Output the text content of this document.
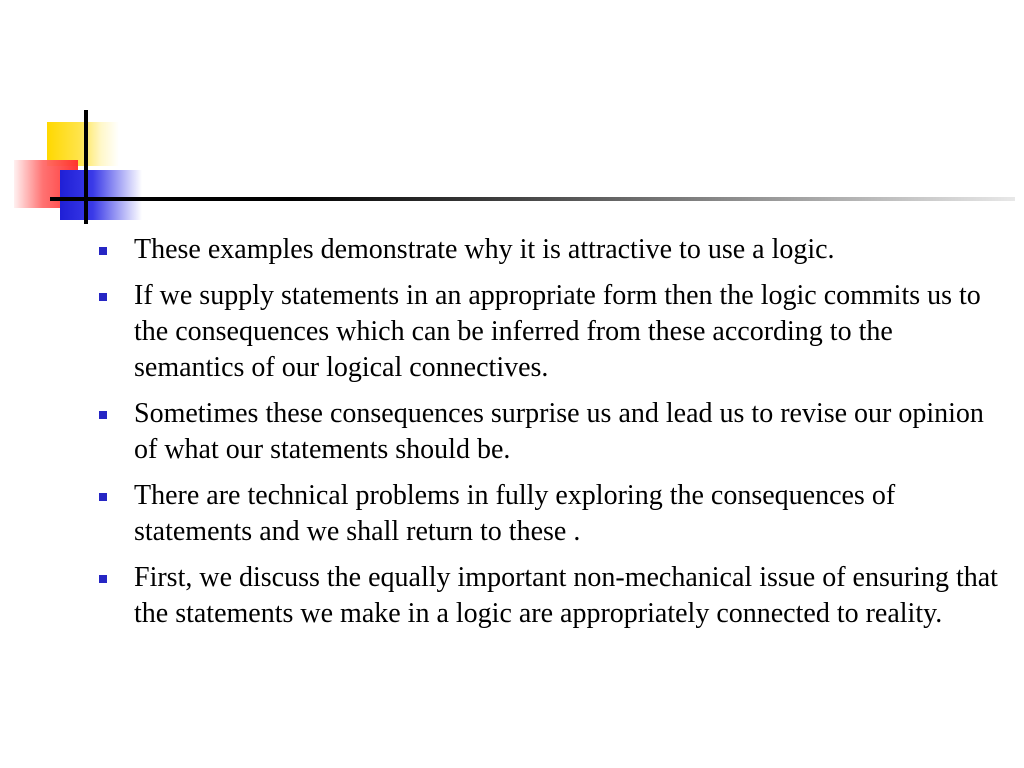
These examples demonstrate why it is attractive to use a logic.
If we supply statements in an appropriate form then the logic commits us to the consequences which can be inferred from these according to the semantics of our logical connectives.
Sometimes these consequences surprise us and lead us to revise our opinion of what our statements should be.
There are technical problems in fully exploring the consequences of statements and we shall return to these .
First, we discuss the equally important non-mechanical issue of ensuring that the statements we make in a logic are appropriately connected to reality.
